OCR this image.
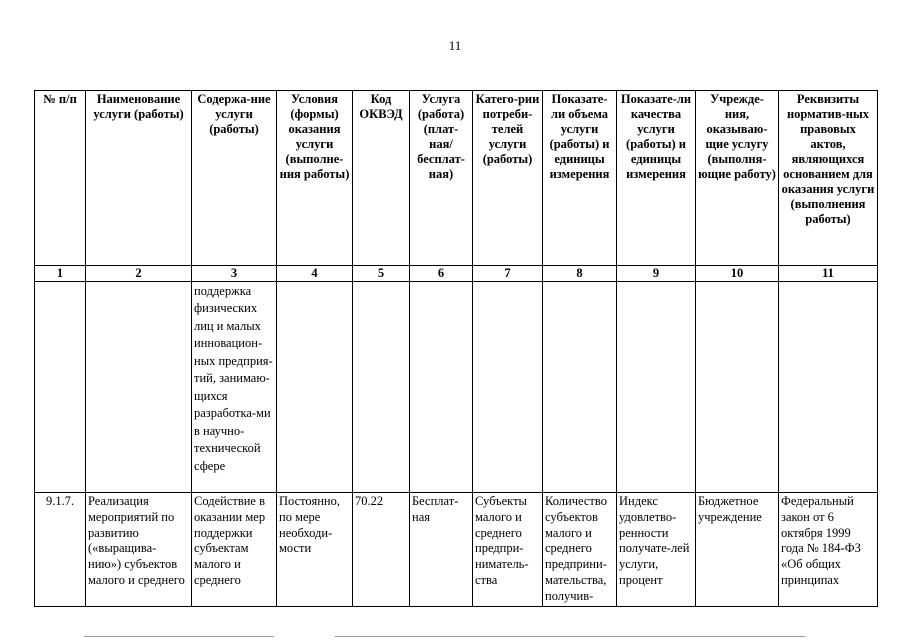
11
№ п/п	Наименование услуги (работы)	Содержа-ние услуги (работы)	Условия (формы) оказания услуги (выполне-ния работы)	Код ОКВЭД	Услуга (работа) (плат-ная/ бесплат-ная)	Катего-рии потреби-телей услуги (работы)	Показате-ли объема услуги (работы) и единицы измерения	Показате-ли качества услуги (работы) и единицы измерения	Учрежде-ния, оказываю-щие услугу (выполня-ющие работу)	Реквизиты норматив-ных правовых актов, являющихся основанием для оказания услуги (выполнения работы)
1	2	3	4	5	6	7	8	9	10	11
		поддержка физических лиц и малых инновацион-ных предприя-тий, занимаю-щихся разработка-ми в научно-технической сфере								
9.1.7.	Реализация мероприятий по развитию («выращива-нию») субъектов малого и среднего	Содействие в оказании мер поддержки субъектам малого и среднего	Постоянно, по мере необходи-мости	70.22	Бесплат-ная	Субъекты малого и среднего предпри-ниматель-ства	Количество субъектов малого и среднего предприни-мательства, получив-	Индекс удовлетво-ренности получате-лей услуги, процент	Бюджетное учреждение	Федеральный закон от 6 октября 1999 года № 184-ФЗ «Об общих принципах
